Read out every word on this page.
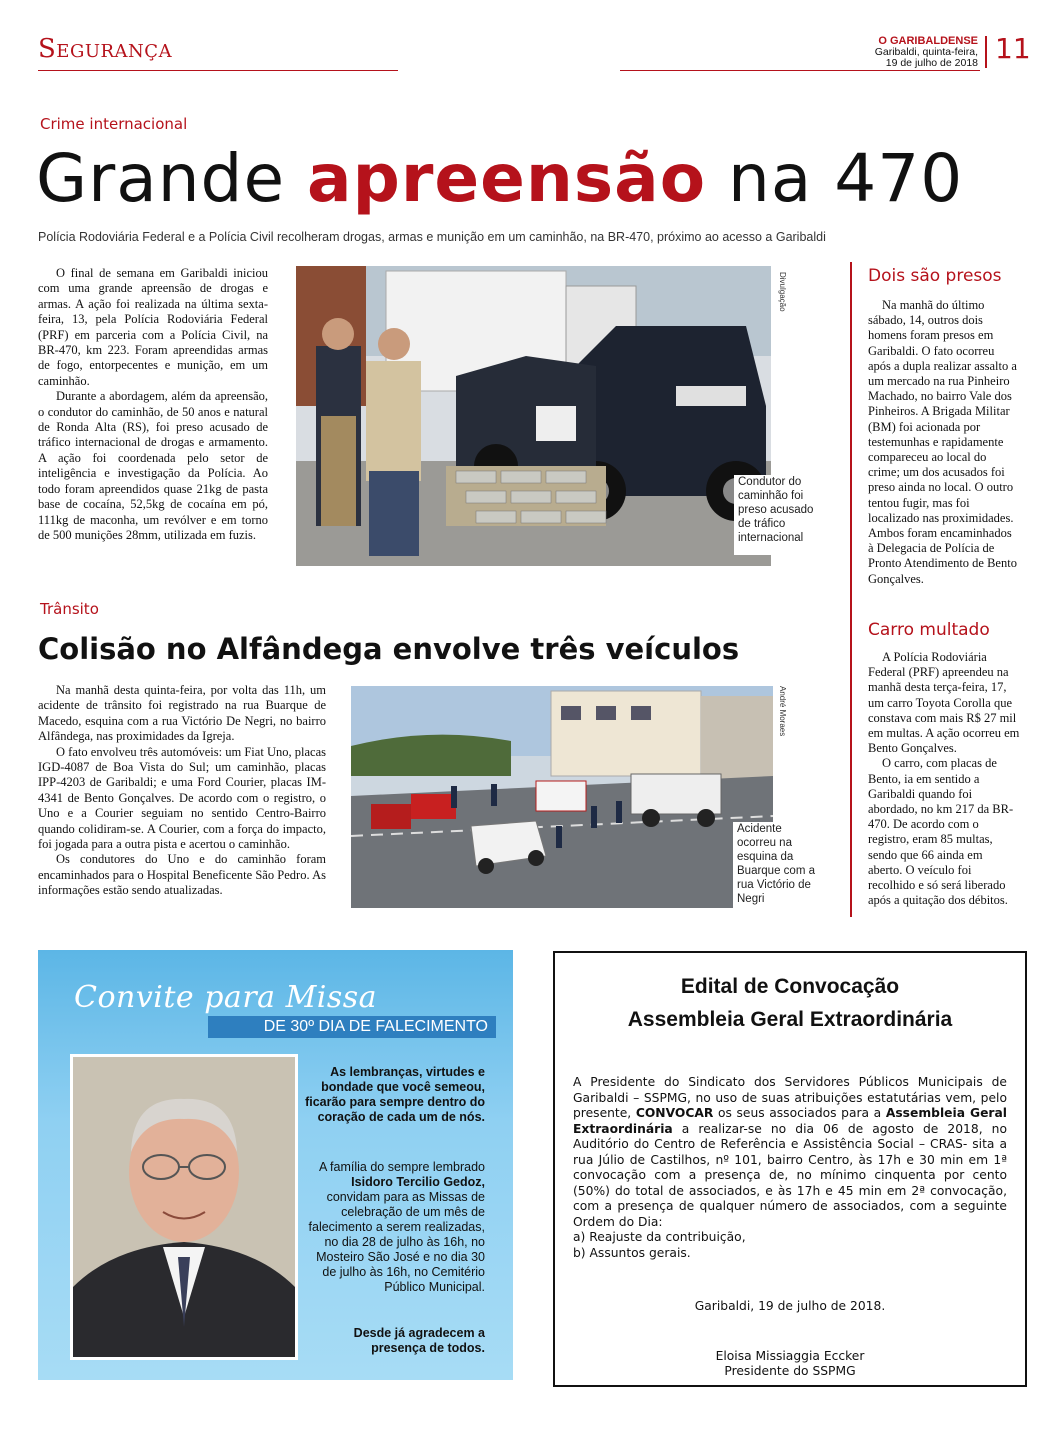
Segurança	O GARIBALDENSE
Garibaldi, quinta-feira,
19 de julho de 2018 11
Crime internacional
Grande apreensão na 470
Polícia Rodoviária Federal e a Polícia Civil recolheram drogas, armas e munição em um caminhão, na BR-470, próximo ao acesso a Garibaldi

O final de semana em Garibaldi iniciou com uma grande apreensão de drogas e armas. A ação foi realizada na última sexta-feira, 13, pela Polícia Rodoviária Federal (PRF) em parceria com a Polícia Civil, na BR-470, km 223. Foram apreendidas armas de fogo, entorpecentes e munição, em um caminhão.

Durante a abordagem, além da apreensão, o condutor do caminhão, de 50 anos e natural de Ronda Alta (RS), foi preso acusado de tráfico internacional de drogas e armamento. A ação foi coordenada pelo setor de inteligência e investigação da Polícia. Ao todo foram apreendidos quase 21kg de pasta base de cocaína, 52,5kg de cocaína em pó, 111kg de maconha, um revólver e em torno de 500 munições 28mm, utilizada em fuzis.

Divulgação
Condutor do caminhão foi preso acusado de tráfico internacional
Dois são presos

Na manhã do último sábado, 14, outros dois homens foram presos em Garibaldi. O fato ocorreu após a dupla realizar assalto a um mercado na rua Pinheiro Machado, no bairro Vale dos Pinheiros. A Brigada Militar (BM) foi acionada por testemunhas e rapidamente compareceu ao local do crime; um dos acusados foi preso ainda no local. O outro tentou fugir, mas foi localizado nas proximidades. Ambos foram encaminhados à Delegacia de Polícia de Pronto Atendimento de Bento Gonçalves.

Carro multado

A Polícia Rodoviária Federal (PRF) apreendeu na manhã desta terça-feira, 17, um carro Toyota Corolla que constava com mais R$ 27 mil em multas. A ação ocorreu em Bento Gonçalves.

O carro, com placas de Bento, ia em sentido a Garibaldi quando foi abordado, no km 217 da BR-470. De acordo com o registro, eram 85 multas, sendo que 66 ainda em aberto. O veículo foi recolhido e só será liberado após a quitação dos débitos.

Trânsito
Colisão no Alfândega envolve três veículos

Na manhã desta quinta-feira, por volta das 11h, um acidente de trânsito foi registrado na rua Buarque de Macedo, esquina com a rua Victório De Negri, no bairro Alfândega, nas proximidades da Igreja.

O fato envolveu três automóveis: um Fiat Uno, placas IGD-4087 de Boa Vista do Sul; um caminhão, placas IPP-4203 de Garibaldi; e uma Ford Courier, placas IM-4341 de Bento Gonçalves. De acordo com o registro, o Uno e a Courier seguiam no sentido Centro-Bairro quando colidiram-se. A Courier, com a força do impacto, foi jogada para a outra pista e acertou o caminhão.

Os condutores do Uno e do caminhão foram encaminhados para o Hospital Beneficente São Pedro. As informações estão sendo atualizadas.

André Moraes
Acidente ocorreu na esquina da Buarque com a rua Victório de Negri
Convite para Missa
DE 30º DIA DE FALECIMENTO
As lembranças, virtudes e bondade que você semeou, ficarão para sempre dentro do coração de cada um de nós.
A família do sempre lembrado Isidoro Tercilio Gedoz, convidam para as Missas de celebração de um mês de falecimento a serem realizadas, no dia 28 de julho às 16h, no Mosteiro São José e no dia 30 de julho às 16h, no Cemitério Público Municipal.
Desde já agradecem a presença de todos.
Edital de Convocação
Assembleia Geral Extraordinária
A Presidente do Sindicato dos Servidores Públicos Municipais de Garibaldi – SSPMG, no uso de suas atribuições estatutárias vem, pelo presente, CONVOCAR os seus associados para a Assembleia Geral Extraordinária a realizar-se no dia 06 de agosto de 2018, no Auditório do Centro de Referência e Assistência Social – CRAS- sita a rua Júlio de Castilhos, nº 101, bairro Centro, às 17h e 30 min em 1ª convocação com a presença de, no mínimo cinquenta por cento (50%) do total de associados, e às 17h e 45 min em 2ª convocação, com a presença de qualquer número de associados, com a seguinte Ordem do Dia:
a) Reajuste da contribuição,
b) Assuntos gerais.
Garibaldi, 19 de julho de 2018.
Eloisa Missiaggia Eccker
Presidente do SSPMG
